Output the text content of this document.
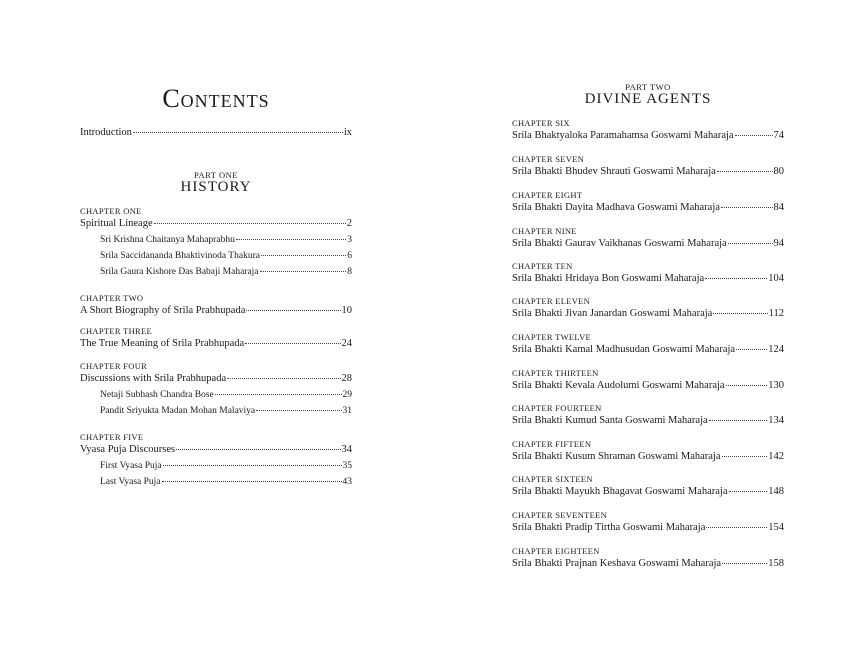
Contents
Introduction	ix
PART ONE
HISTORY
CHAPTER ONE
Spiritual Lineage	2
Sri Krishna Chaitanya Mahaprabhu	3
Srila Saccidananda Bhaktivinoda Thakura	6
Srila Gaura Kishore Das Babaji Maharaja	8
CHAPTER TWO
A Short Biography of Srila Prabhupada	10
CHAPTER THREE
The True Meaning of Srila Prabhupada	24
CHAPTER FOUR
Discussions with Srila Prabhupada	28
Netaji Subhash Chandra Bose	29
Pandit Sriyukta Madan Mohan Malaviya	31
CHAPTER FIVE
Vyasa Puja Discourses	34
First Vyasa Puja	35
Last Vyasa Puja	43
PART TWO
DIVINE AGENTS
CHAPTER SIX
Srila Bhaktyaloka Paramahamsa Goswami Maharaja	74
CHAPTER SEVEN
Srila Bhakti Bhudev Shrauti Goswami Maharaja	80
CHAPTER EIGHT
Srila Bhakti Dayita Madhava Goswami Maharaja	84
CHAPTER NINE
Srila Bhakti Gaurav Vaikhanas Goswami Maharaja	94
CHAPTER TEN
Srila Bhakti Hridaya Bon Goswami Maharaja	104
CHAPTER ELEVEN
Srila Bhakti Jivan Janardan Goswami Maharaja	112
CHAPTER TWELVE
Srila Bhakti Kamal Madhusudan Goswami Maharaja	124
CHAPTER THIRTEEN
Srila Bhakti Kevala Audolumi Goswami Maharaja	130
CHAPTER FOURTEEN
Srila Bhakti Kumud Santa Goswami Maharaja	134
CHAPTER FIFTEEN
Srila Bhakti Kusum Shraman Goswami Maharaja	142
CHAPTER SIXTEEN
Srila Bhakti Mayukh Bhagavat Goswami Maharaja	148
CHAPTER SEVENTEEN
Srila Bhakti Pradip Tirtha Goswami Maharaja	154
CHAPTER EIGHTEEN
Srila Bhakti Prajnan Keshava Goswami Maharaja	158
